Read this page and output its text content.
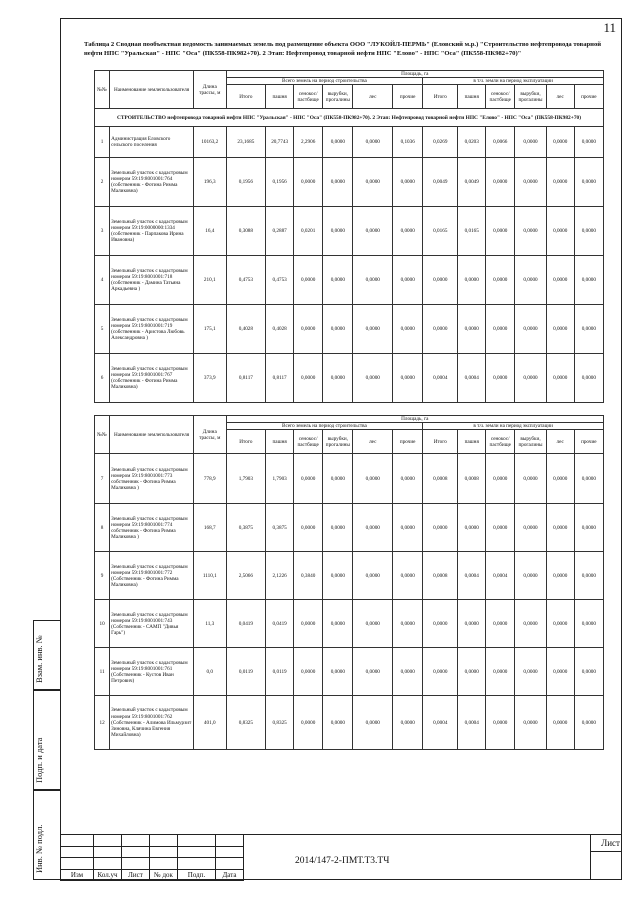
11
Таблица 2 Сводная пообъектная ведомость занимаемых земель под размещение объекта ООО "ЛУКОЙЛ-ПЕРМЬ" (Еловский м.р.) "Строительство нефтепровода товарной нефти НПС "Уральская" - НПС "Оса" (ПК558-ПК982+70). 2 Этап: Нефтепровод товарной нефти НПС "Елово" - НПС "Оса" (ПК558-ПК982+70)"
№№	Наименование землепользователя	Длина трассы, м	Площадь, га											
			Всего земель на период строительства						в т.ч. земли на период эксплуатации					
			Итого	пашня	сенокос/ пастбище	вырубки, прогалины	лес	прочие	Итого	пашня	сенокос/ пастбище	вырубки, прогалины	лес	прочие
СТРОИТЕЛЬСТВО нефтепровода товарной нефти НПС "Уральская" - НПС "Оса" (ПК558-ПК982+70). 2 Этап: Нефтепровод товарной нефти НПС "Елово" - НПС "Оса" (ПК558-ПК982+70)														
1	Администрация Еловского сельского поселения	10163,2	23,1685	20,7743	2,2906	0,0000	0,0000	0,1036	0,0269	0,0203	0,0066	0,0000	0,0000	0,0000
2	Земельный участок с кадастровым номером 59:19:8001001:764 (собственник - Фотина Римма Маликовна)	196,3	0,1956	0,1956	0,0000	0,0000	0,0000	0,0000	0,0049	0,0049	0,0000	0,0000	0,0000	0,0000
3	Земельный участок с кадастровым номером 59:19:0000000:1334 (собственник - Парпакова Ирина Ивановна)	16,4	0,3088	0,2887	0,0201	0,0000	0,0000	0,0000	0,0165	0,0165	0,0000	0,0000	0,0000	0,0000
4	Земельный участок с кадастровым номером 59:19:8001001:718 (собственник - Дамина Татьяна Аркадьевна )	210,1	0,4753	0,4753	0,0000	0,0000	0,0000	0,0000	0,0000	0,0000	0,0000	0,0000	0,0000	0,0000
5	Земельный участок с кадастровым номером 59:19:8001001:719 (собственник - Аристова Любовь Александровна )	175,1	0,4028	0,4028	0,0000	0,0000	0,0000	0,0000	0,0000	0,0000	0,0000	0,0000	0,0000	0,0000
6	Земельный участок с кадастровым номером 59:19:8001001:767 (собственник - Фотина Римма Маликовна)	373,9	0,8117	0,8117	0,0000	0,0000	0,0000	0,0000	0,0004	0,0004	0,0000	0,0000	0,0000	0,0000
№№	Наименование землепользователя	Длина трассы, м	Площадь, га											
			Всего земель на период строительства						в т.ч. земли на период эксплуатации					
			Итого	пашня	сенокос/ пастбище	вырубки, прогалины	лес	прочие	Итого	пашня	сенокос/ пастбище	вырубки, прогалины	лес	прочие
7	Земельный участок с кадастровым номером 59:19:8001001:773 собственник - Фотина Римма Маликовна )	778,9	1,7903	1,7903	0,0000	0,0000	0,0000	0,0000	0,0008	0,0008	0,0000	0,0000	0,0000	0,0000
8	Земельный участок с кадастровым номером 59:19:8001001:774 собственник - Фотина Римма Маликовна )	168,7	0,3875	0,3875	0,0000	0,0000	0,0000	0,0000	0,0000	0,0000	0,0000	0,0000	0,0000	0,0000
9	Земельный участок с кадастровым номером 59:19:8001001:772 (Собственник - Фотина Римма Маликовна)	1110,1	2,5066	2,1226	0,3840	0,0000	0,0000	0,0000	0,0008	0,0004	0,0004	0,0000	0,0000	0,0000
10	Земельный участок с кадастровым номером 59:19:8001001:743 (Собственник - САМП "Дивья Гарь")	11,3	0,0419	0,0419	0,0000	0,0000	0,0000	0,0000	0,0000	0,0000	0,0000	0,0000	0,0000	0,0000
11	Земельный участок с кадастровым номером 59:19:8001001:761 (Собственник - Кустов Иван Петрович)	0,0	0,0119	0,0119	0,0000	0,0000	0,0000	0,0000	0,0000	0,0000	0,0000	0,0000	0,0000	0,0000
12	Земельный участок с кадастровым номером 59:19:8001001:762 (Собственник - Алимова Ильмурзит Зиновна, Клячина Евгения Михайловна)	401,0	0,8325	0,8325	0,0000	0,0000	0,0000	0,0000	0,0004	0,0004	0,0000	0,0000	0,0000	0,0000
Взам. инв. №
Подп. и дата
Инв. № подл.

Изм	Кол.уч	Лист	№ док	Подп.	Дата
2014/147-2-ПМТ.Т3.ТЧ
Лист
